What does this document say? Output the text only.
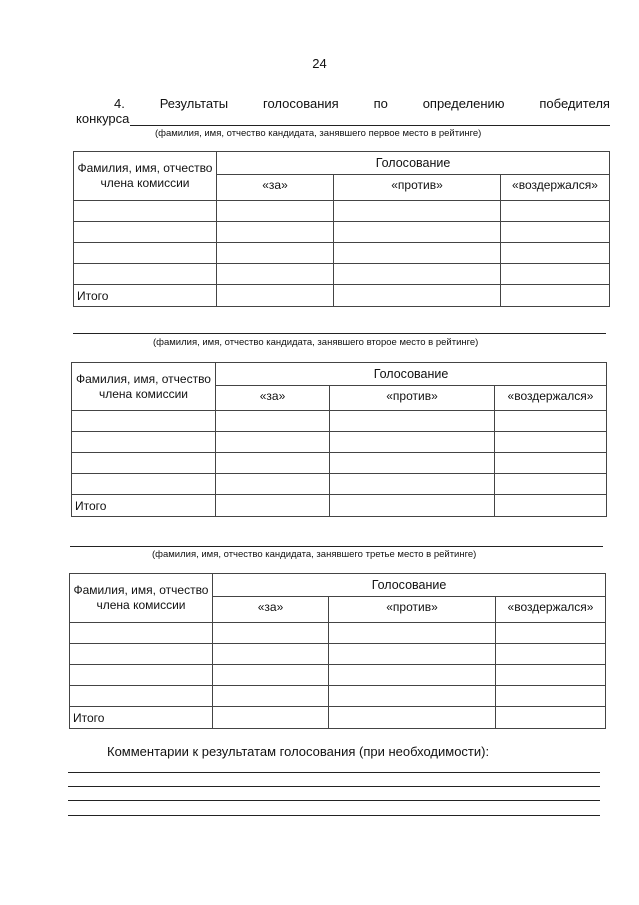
24
4.	Результаты	голосования	по	определению	победителя
конкурса
(фамилия, имя, отчество кандидата, занявшего первое место в рейтинге)
Фамилия, имя, отчество члена комиссии	Голосование		
	«за»	«против»	«воздержался»

Итого			
(фамилия, имя, отчество кандидата, занявшего второе место в рейтинге)
Фамилия, имя, отчество члена комиссии	Голосование		
	«за»	«против»	«воздержался»

Итого			
(фамилия, имя, отчество кандидата, занявшего третье место в рейтинге)
Фамилия, имя, отчество члена комиссии	Голосование		
	«за»	«против»	«воздержался»

Итого			
Комментарии к результатам голосования (при необходимости):
